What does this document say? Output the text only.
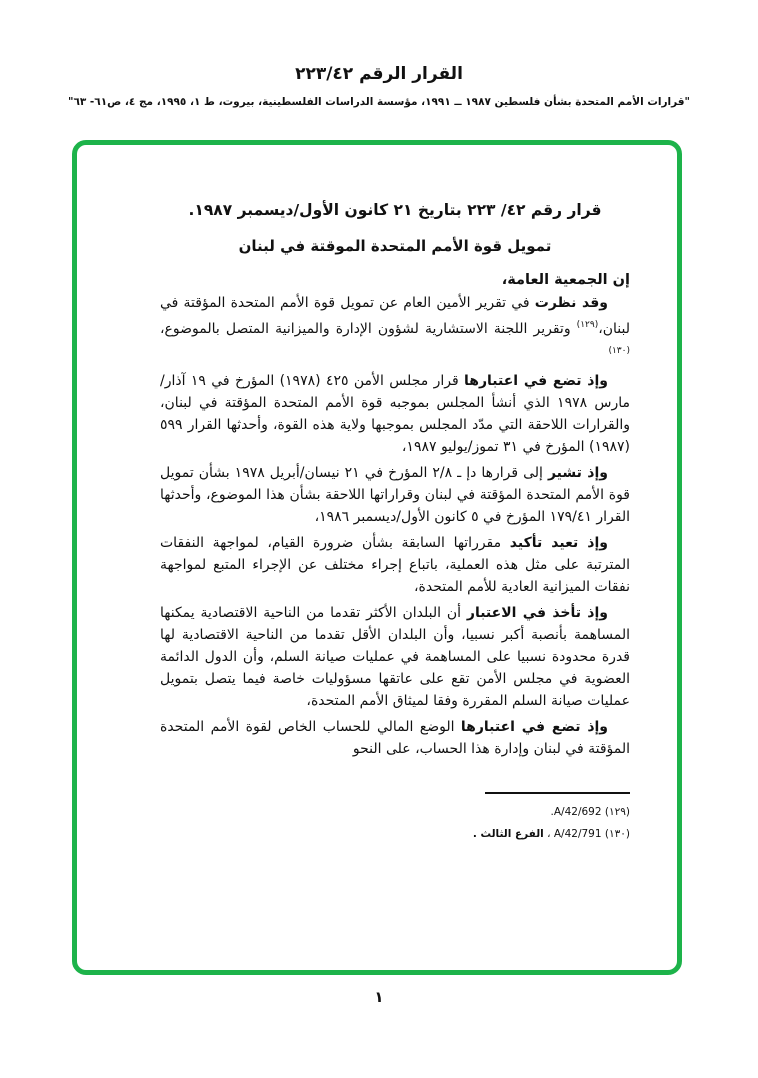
القرار الرقم ٢٢٣/٤٢
"قرارات الأمم المتحدة بشأن فلسطين ١٩٨٧ ــ ١٩٩١، مؤسسة الدراسات الفلسطينية، بيروت، ط ١، ١٩٩٥، مج ٤، ص٦١- ٦٣"
قرار رقم ٤٢/ ٢٢٣ بتاريخ ٢١ كانون الأول/ديسمبر ١٩٨٧.
تمويل قوة الأمم المتحدة الموقتة في لبنان
إن الجمعية العامة،

وقد نظرت في تقرير الأمين العام عن تمويل قوة الأمم المتحدة المؤقتة في لبنان،$^{(١٢٩)}$ وتقرير اللجنة الاستشارية لشؤون الإدارة والميزانية المتصل بالموضوع،$^{(١٣٠)}$

وإذ تضع في اعتبارها قرار مجلس الأمن ٤٢٥ (١٩٧٨) المؤرخ في ١٩ آذار/مارس ١٩٧٨ الذي أنشأ المجلس بموجبه قوة الأمم المتحدة المؤقتة في لبنان، والقرارات اللاحقة التي مدّد المجلس بموجبها ولاية هذه القوة، وأحدثها القرار ٥٩٩ (١٩٨٧) المؤرخ في ٣١ تموز/يوليو ١٩٨٧،

وإذ تشير إلى قرارها دإ ـ ٢/٨ المؤرخ في ٢١ نيسان/أبريل ١٩٧٨ بشأن تمويل قوة الأمم المتحدة المؤقتة في لبنان وقراراتها اللاحقة بشأن هذا الموضوع، وأحدثها القرار ١٧٩/٤١ المؤرخ في ٥ كانون الأول/ديسمبر ١٩٨٦،

وإذ تعيد تأكيد مقرراتها السابقة بشأن ضرورة القيام، لمواجهة النفقات المترتبة على مثل هذه العملية، باتباع إجراء مختلف عن الإجراء المتبع لمواجهة نفقات الميزانية العادية للأمم المتحدة،

وإذ تأخذ في الاعتبار أن البلدان الأكثر تقدما من الناحية الاقتصادية يمكنها المساهمة بأنصبة أكبر نسبيا، وأن البلدان الأقل تقدما من الناحية الاقتصادية لها قدرة محدودة نسبيا على المساهمة في عمليات صيانة السلم، وأن الدول الدائمة العضوية في مجلس الأمن تقع على عاتقها مسؤوليات خاصة فيما يتصل بتمويل عمليات صيانة السلم المقررة وفقا لميثاق الأمم المتحدة،

وإذ تضع في اعتبارها الوضع المالي للحساب الخاص لقوة الأمم المتحدة المؤقتة في لبنان وإدارة هذا الحساب، على النحو

(١٢٩) A/42/692.
(١٣٠) A/42/791 ، الفرع الثالث .
١
